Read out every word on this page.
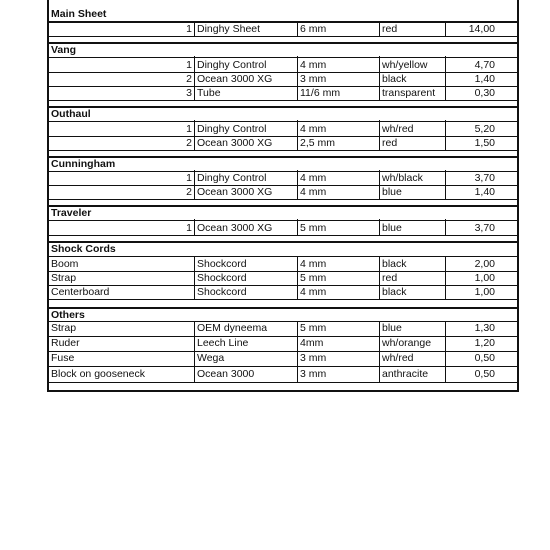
Main Sheet
1 Dinghy Sheet	6 mm	red	14,00
Vang
1 Dinghy Control	4 mm	wh/yellow	4,70
2 Ocean 3000 XG	3 mm	black	1,40
3 Tube	11/6 mm	transparent	0,30
Outhaul
1 Dinghy Control	4 mm	wh/red	5,20
2 Ocean 3000 XG	2,5 mm	red	1,50
Cunningham
1 Dinghy Control	4 mm	wh/black	3,70
2 Ocean 3000 XG	4 mm	blue	1,40
Traveler
1 Ocean 3000 XG	5 mm	blue	3,70
Shock Cords
Boom	Shockcord	4 mm	black	2,00
Strap	Shockcord	5 mm	red	1,00
Centerboard	Shockcord	4 mm	black	1,00
Others
Strap	OEM dyneema	5 mm	blue	1,30
Ruder	Leech Line	4mm	wh/orange	1,20
Fuse	Wega	3 mm	wh/red	0,50
Block on gooseneck	Ocean 3000	3 mm	anthracite	0,50
